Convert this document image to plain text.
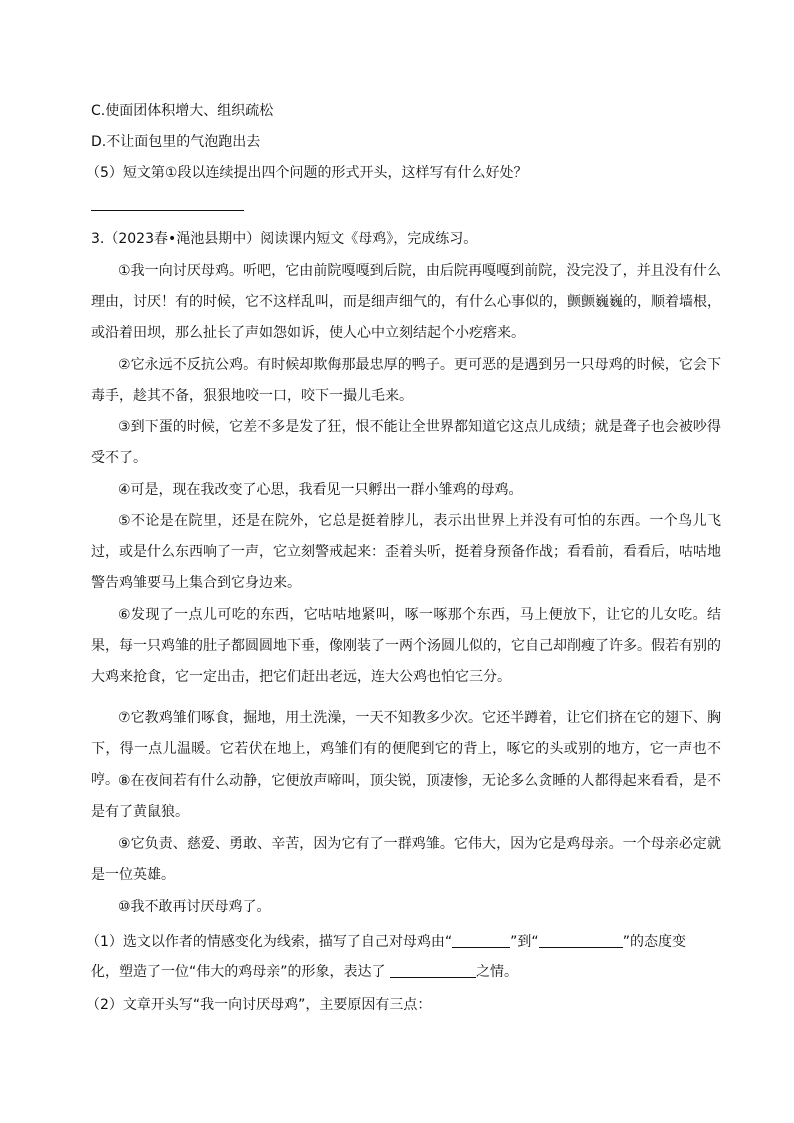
C.使面团体积增大、组织疏松
D.不让面包里的气泡跑出去
（5）短文第①段以连续提出四个问题的形式开头，这样写有什么好处？
3.（2023春•渑池县期中）阅读课内短文《母鸡》，完成练习。
①我一向讨厌母鸡。听吧，它由前院嘎嘎到后院，由后院再嘎嘎到前院，没完没了，并且没有什么理由，讨厌！有的时候，它不这样乱叫，而是细声细气的，有什么心事似的，颤颤巍巍的，顺着墙根，或沿着田坝，那么扯长了声如怨如诉，使人心中立刻结起个小疙瘩来。
②它永远不反抗公鸡。有时候却欺侮那最忠厚的鸭子。更可恶的是遇到另一只母鸡的时候，它会下毒手，趁其不备，狠狠地咬一口，咬下一撮儿毛来。
③到下蛋的时候，它差不多是发了狂，恨不能让全世界都知道它这点儿成绩；就是聋子也会被吵得受不了。
④可是，现在我改变了心思，我看见一只孵出一群小雏鸡的母鸡。
⑤不论是在院里，还是在院外，它总是挺着脖儿，表示出世界上并没有可怕的东西。一个鸟儿飞过，或是什么东西响了一声，它立刻警戒起来：歪着头听，挺着身预备作战；看看前，看看后，咕咕地警告鸡雏要马上集合到它身边来。
⑥发现了一点儿可吃的东西，它咕咕地紧叫，啄一啄那个东西，马上便放下，让它的儿女吃。结果，每一只鸡雏的肚子都圆圆地下垂，像刚装了一两个汤圆儿似的，它自己却削瘦了许多。假若有别的大鸡来抢食，它一定出击，把它们赶出老远，连大公鸡也怕它三分。
⑦它教鸡雏们啄食，掘地，用土洗澡，一天不知教多少次。它还半蹲着，让它们挤在它的翅下、胸下，得一点儿温暖。它若伏在地上，鸡雏们有的便爬到它的背上，啄它的头或别的地方，它一声也不哼。 ⑧在夜间若有什么动静，它便放声啼叫，顶尖锐，顶凄惨，无论多么贪睡的人都得起来看看，是不是有了黄鼠狼。
⑨它负责、慈爱、勇敢、辛苦，因为它有了一群鸡雏。它伟大，因为它是鸡母亲。一个母亲必定就是一位英雄。
⑩我不敢再讨厌母鸡了。
（1）选文以作者的情感变化为线索，描写了自己对母鸡由“	”到“	”的态度变
化，塑造了一位“伟大的鸡母亲”的形象，表达了	之情。
（2）文章开头写“我一向讨厌母鸡”，主要原因有三点：
